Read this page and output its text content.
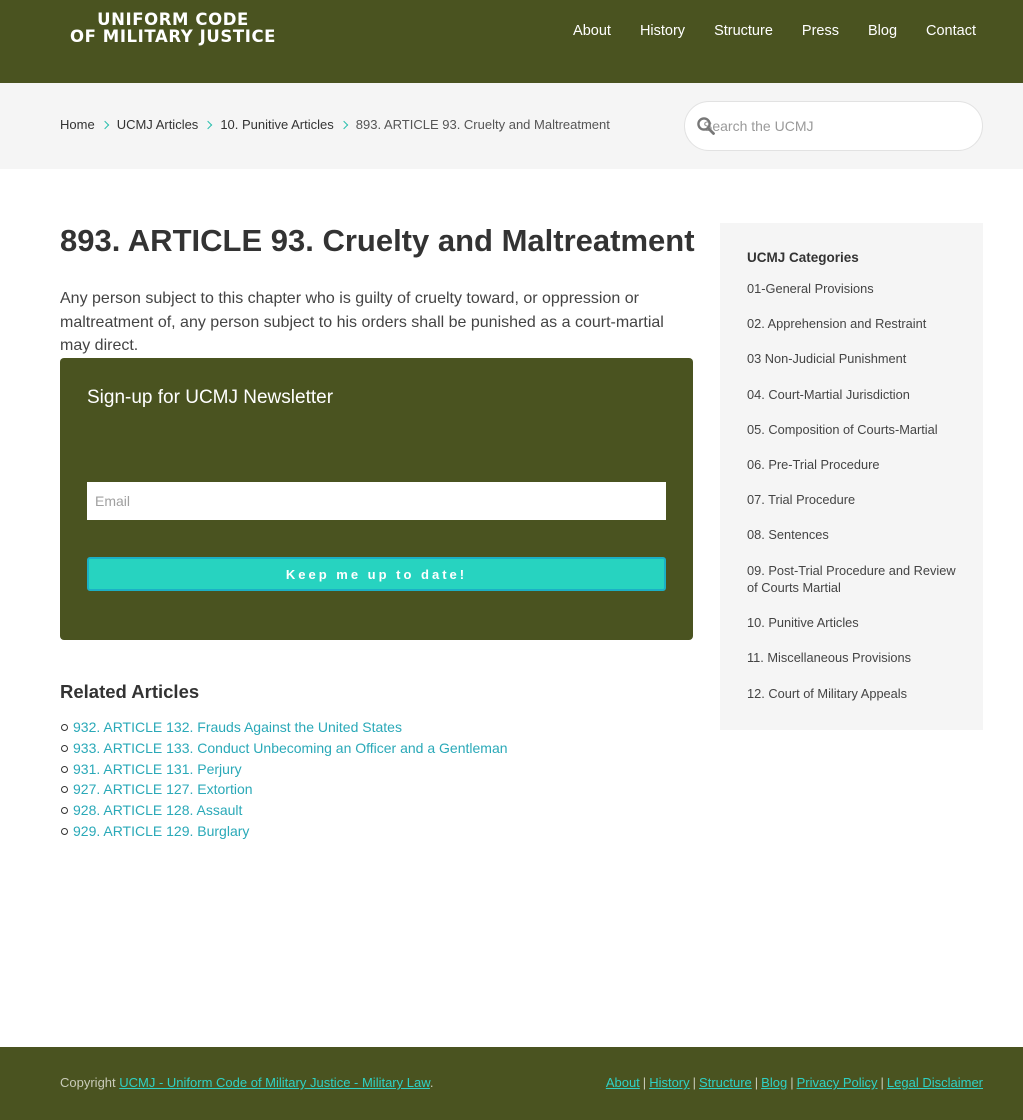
UNIFORM CODE
OF MILITARY JUSTICE	About History Structure Press Blog Contact
Home UCMJ Articles 10. Punitive Articles 893. ARTICLE 93. Cruelty and Maltreatment
Search the UCMJ
893. ARTICLE 93. Cruelty and Maltreatment

Any person subject to this chapter who is guilty of cruelty toward, or oppression or maltreatment of, any person subject to his orders shall be punished as a court-martial may direct.

Sign-up for UCMJ Newsletter
Email
Keep me up to date!
Related Articles
932. ARTICLE 132. Frauds Against the United States
933. ARTICLE 133. Conduct Unbecoming an Officer and a Gentleman
931. ARTICLE 131. Perjury
927. ARTICLE 127. Extortion
928. ARTICLE 128. Assault
929. ARTICLE 129. Burglary
UCMJ Categories
01-General Provisions
02. Apprehension and Restraint
03 Non-Judicial Punishment
04. Court-Martial Jurisdiction
05. Composition of Courts-Martial
06. Pre-Trial Procedure
07. Trial Procedure
08. Sentences
09. Post-Trial Procedure and Review of Courts Martial
10. Punitive Articles
11. Miscellaneous Provisions
12. Court of Military Appeals
Copyright UCMJ - Uniform Code of Military Justice - Military Law.	About | History | Structure | Blog | Privacy Policy | Legal Disclaimer
